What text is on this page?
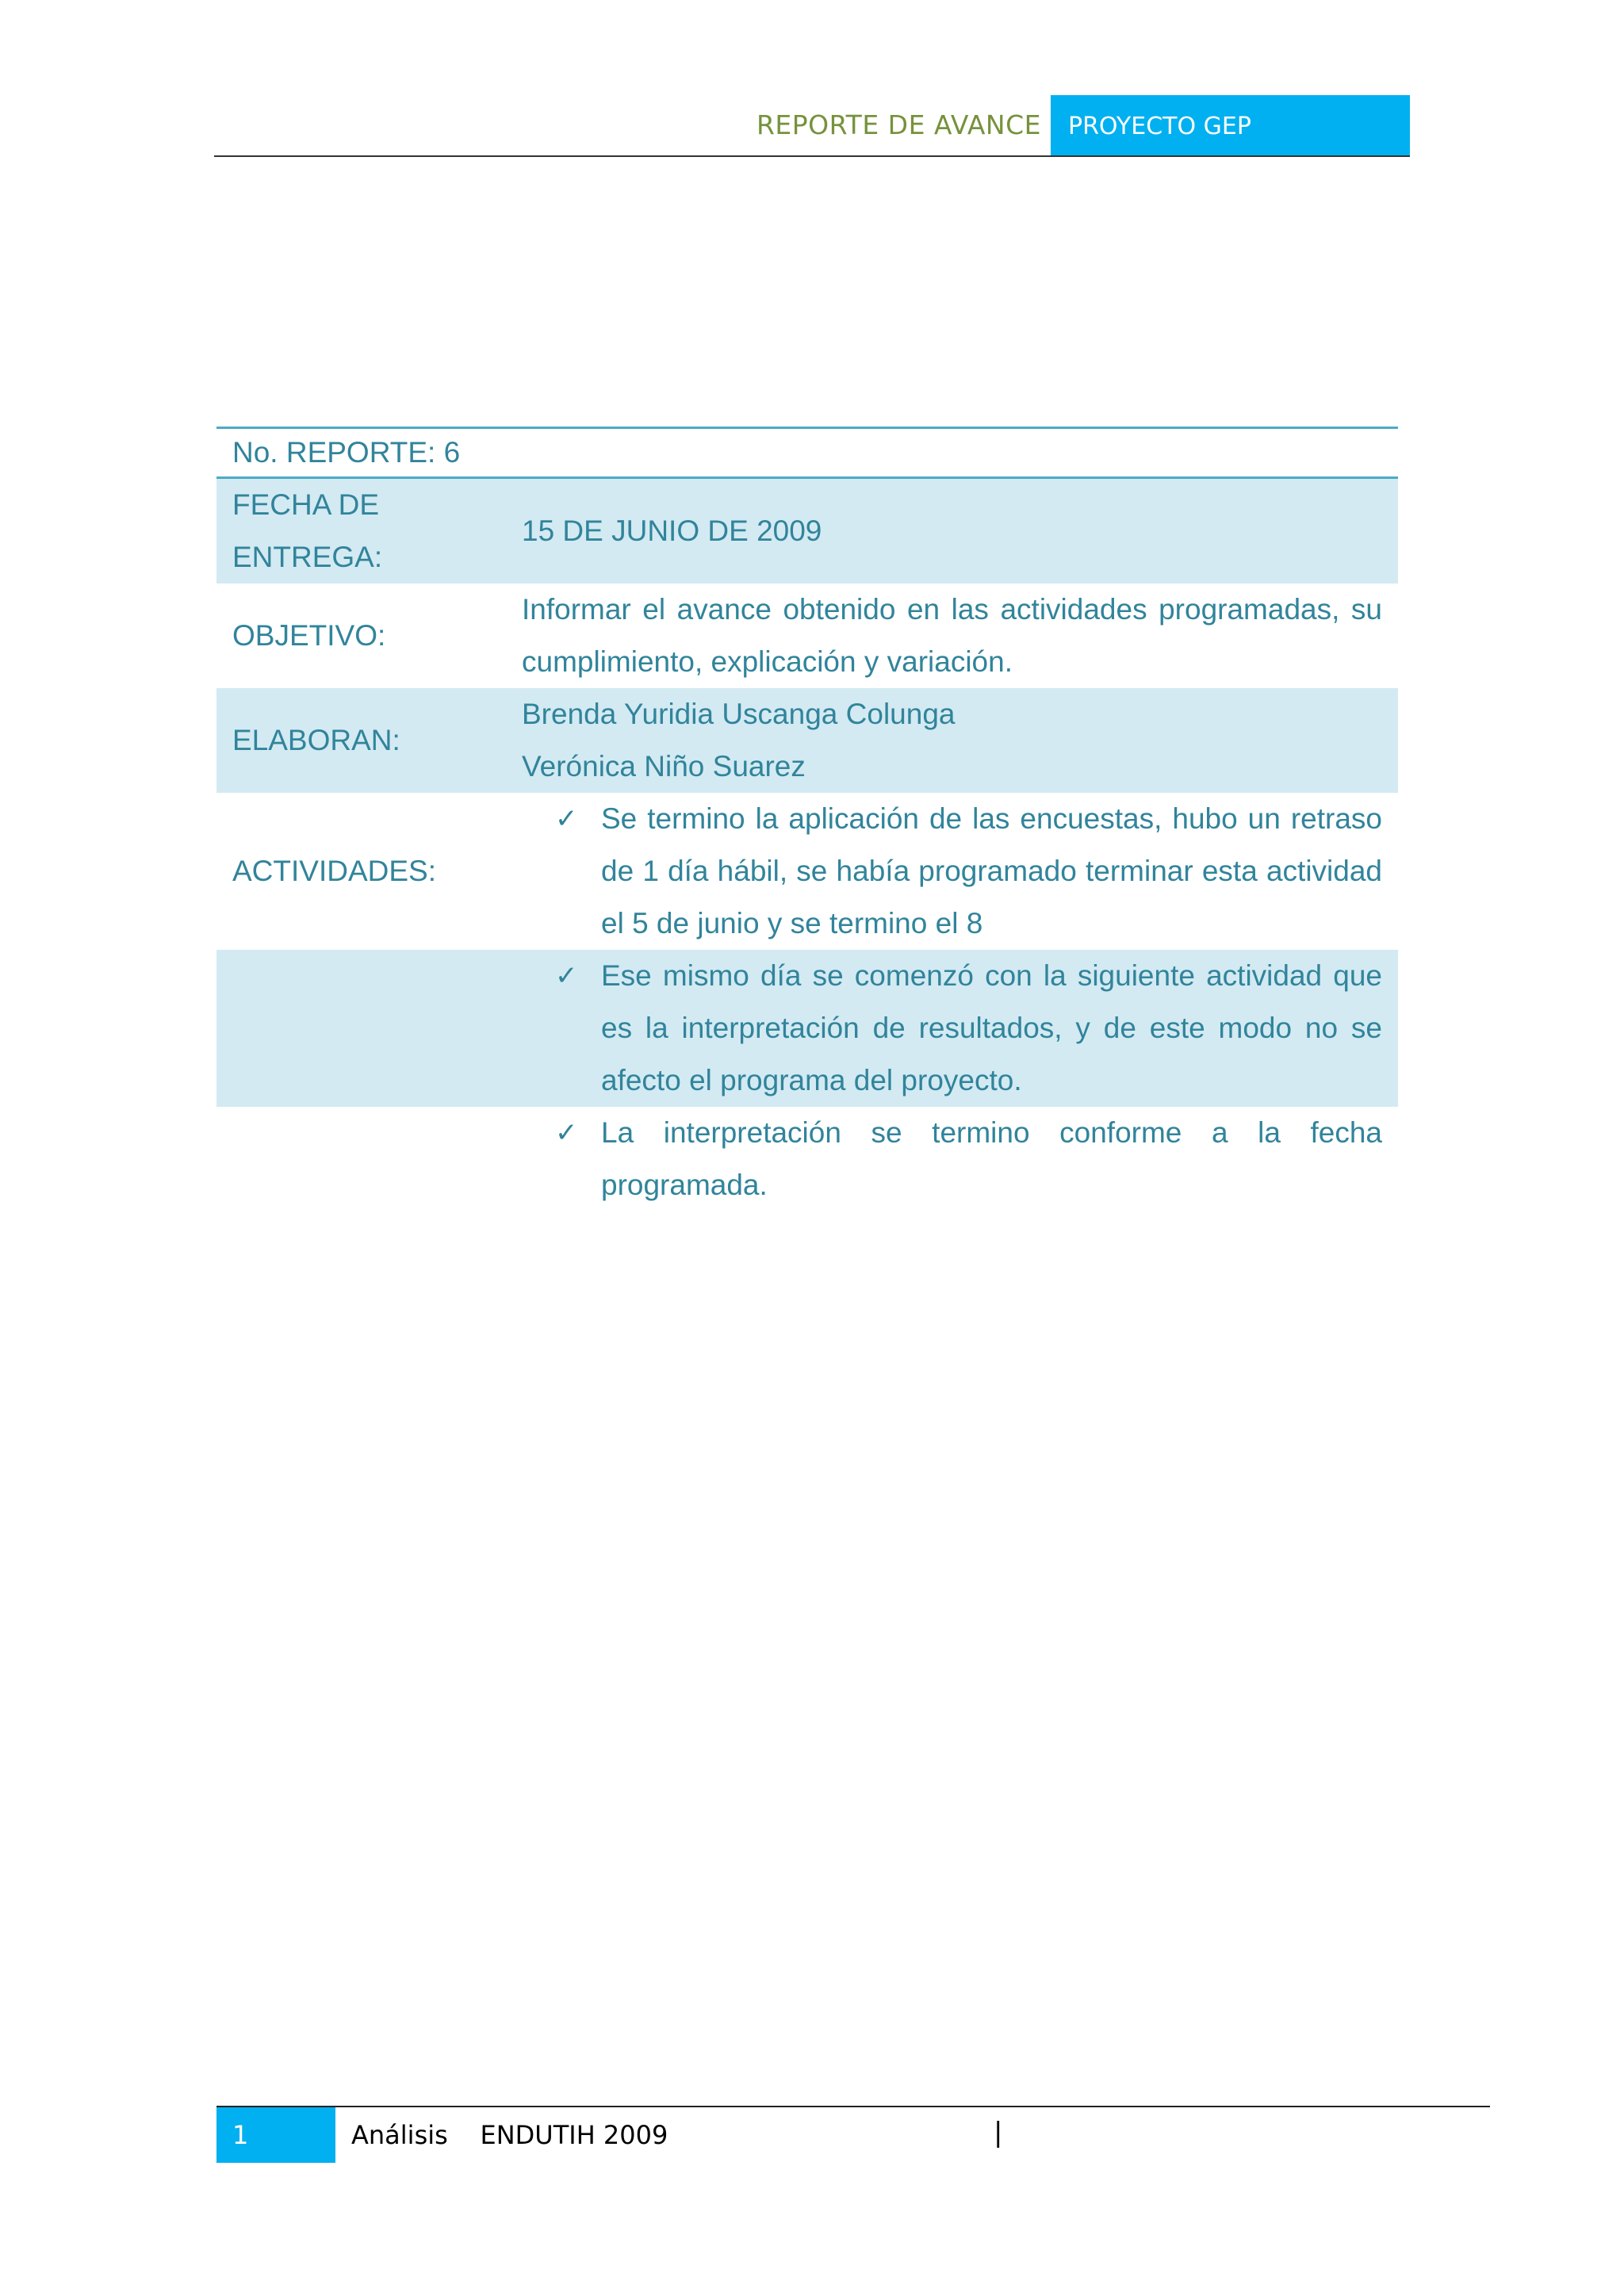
REPORTE DE AVANCE PROYECTO GEP
No. REPORTE: 6
FECHA DE
ENTREGA:
15 DE JUNIO DE 2009
OBJETIVO:
Informar el avance obtenido en las actividades programadas, su cumplimiento, explicación y variación.
ELABORAN:
Brenda Yuridia Uscanga Colunga
Verónica Niño Suarez
ACTIVIDADES:
✓ Se termino la aplicación de las encuestas, hubo un retraso de 1 día hábil, se había programado terminar esta actividad el 5 de junio y se termino el 8
✓ Ese mismo día se comenzó con la siguiente actividad que es la interpretación de resultados, y de este modo no se afecto el programa del proyecto.
✓ La interpretación se termino conforme a la fecha programada.
1	Análisis    ENDUTIH 2009	|
